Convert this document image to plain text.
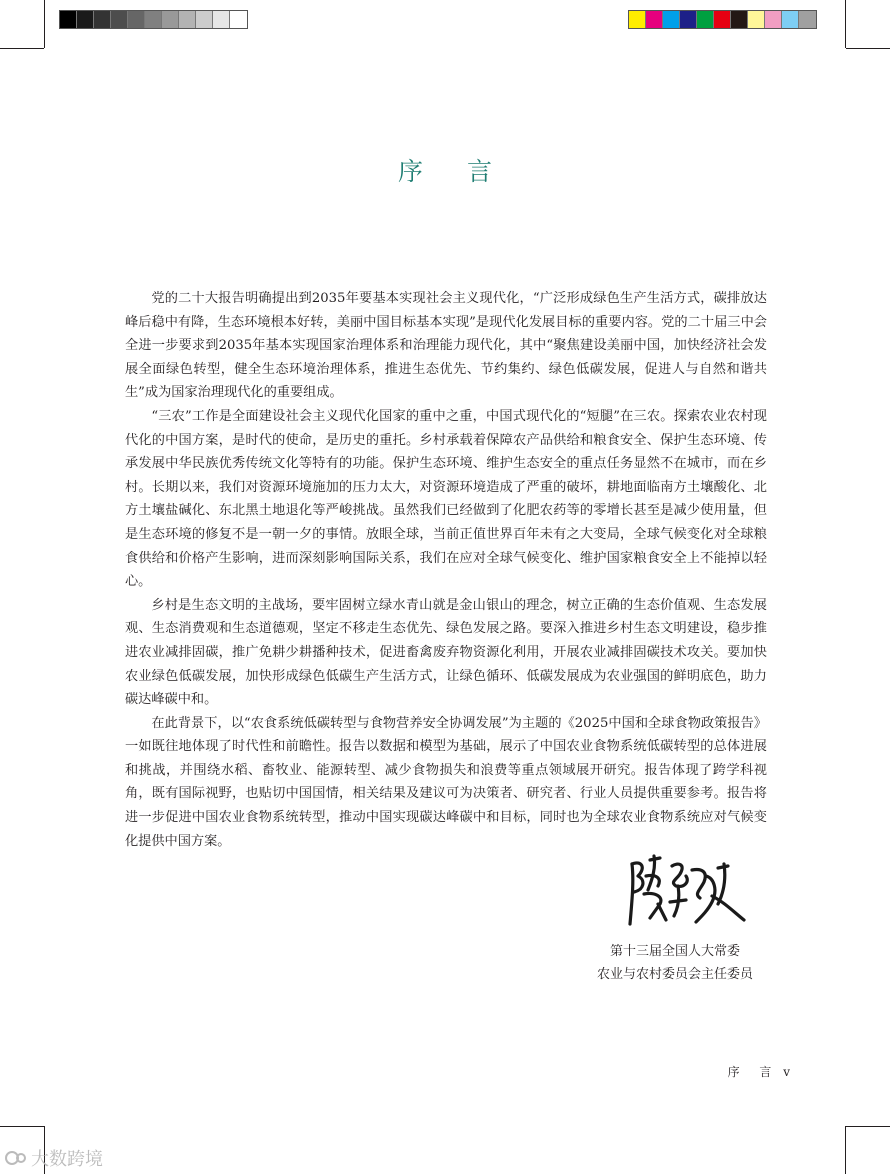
序 言

党的二十大报告明确提出到2035年要基本实现社会主义现代化，“广泛形成绿色生产生活方式，碳排放达峰后稳中有降，生态环境根本好转，美丽中国目标基本实现”是现代化发展目标的重要内容。党的二十届三中会全进一步要求到2035年基本实现国家治理体系和治理能力现代化，其中“聚焦建设美丽中国，加快经济社会发展全面绿色转型，健全生态环境治理体系，推进生态优先、节约集约、绿色低碳发展，促进人与自然和谐共生”成为国家治理现代化的重要组成。

“三农”工作是全面建设社会主义现代化国家的重中之重，中国式现代化的“短腿”在三农。探索农业农村现代化的中国方案，是时代的使命，是历史的重托。乡村承载着保障农产品供给和粮食安全、保护生态环境、传承发展中华民族优秀传统文化等特有的功能。保护生态环境、维护生态安全的重点任务显然不在城市，而在乡村。长期以来，我们对资源环境施加的压力太大，对资源环境造成了严重的破坏，耕地面临南方土壤酸化、北方土壤盐碱化、东北黑土地退化等严峻挑战。虽然我们已经做到了化肥农药等的零增长甚至是减少使用量，但是生态环境的修复不是一朝一夕的事情。放眼全球，当前正值世界百年未有之大变局，全球气候变化对全球粮食供给和价格产生影响，进而深刻影响国际关系，我们在应对全球气候变化、维护国家粮食安全上不能掉以轻心。

乡村是生态文明的主战场，要牢固树立绿水青山就是金山银山的理念，树立正确的生态价值观、生态发展观、生态消费观和生态道德观，坚定不移走生态优先、绿色发展之路。要深入推进乡村生态文明建设，稳步推进农业减排固碳，推广免耕少耕播种技术，促进畜禽废弃物资源化利用，开展农业减排固碳技术攻关。要加快农业绿色低碳发展，加快形成绿色低碳生产生活方式，让绿色循环、低碳发展成为农业强国的鲜明底色，助力碳达峰碳中和。

在此背景下，以“农食系统低碳转型与食物营养安全协调发展”为主题的《2025中国和全球食物政策报告》一如既往地体现了时代性和前瞻性。报告以数据和模型为基础，展示了中国农业食物系统低碳转型的总体进展和挑战，并围绕水稻、畜牧业、能源转型、减少食物损失和浪费等重点领域展开研究。报告体现了跨学科视角，既有国际视野，也贴切中国国情，相关结果及建议可为决策者、研究者、行业人员提供重要参考。报告将进一步促进中国农业食物系统转型，推动中国实现碳达峰碳中和目标，同时也为全球农业食物系统应对气候变化提供中国方案。

第十三届全国人大常委
农业与农村委员会主任委员
序 言 v
大数跨境
